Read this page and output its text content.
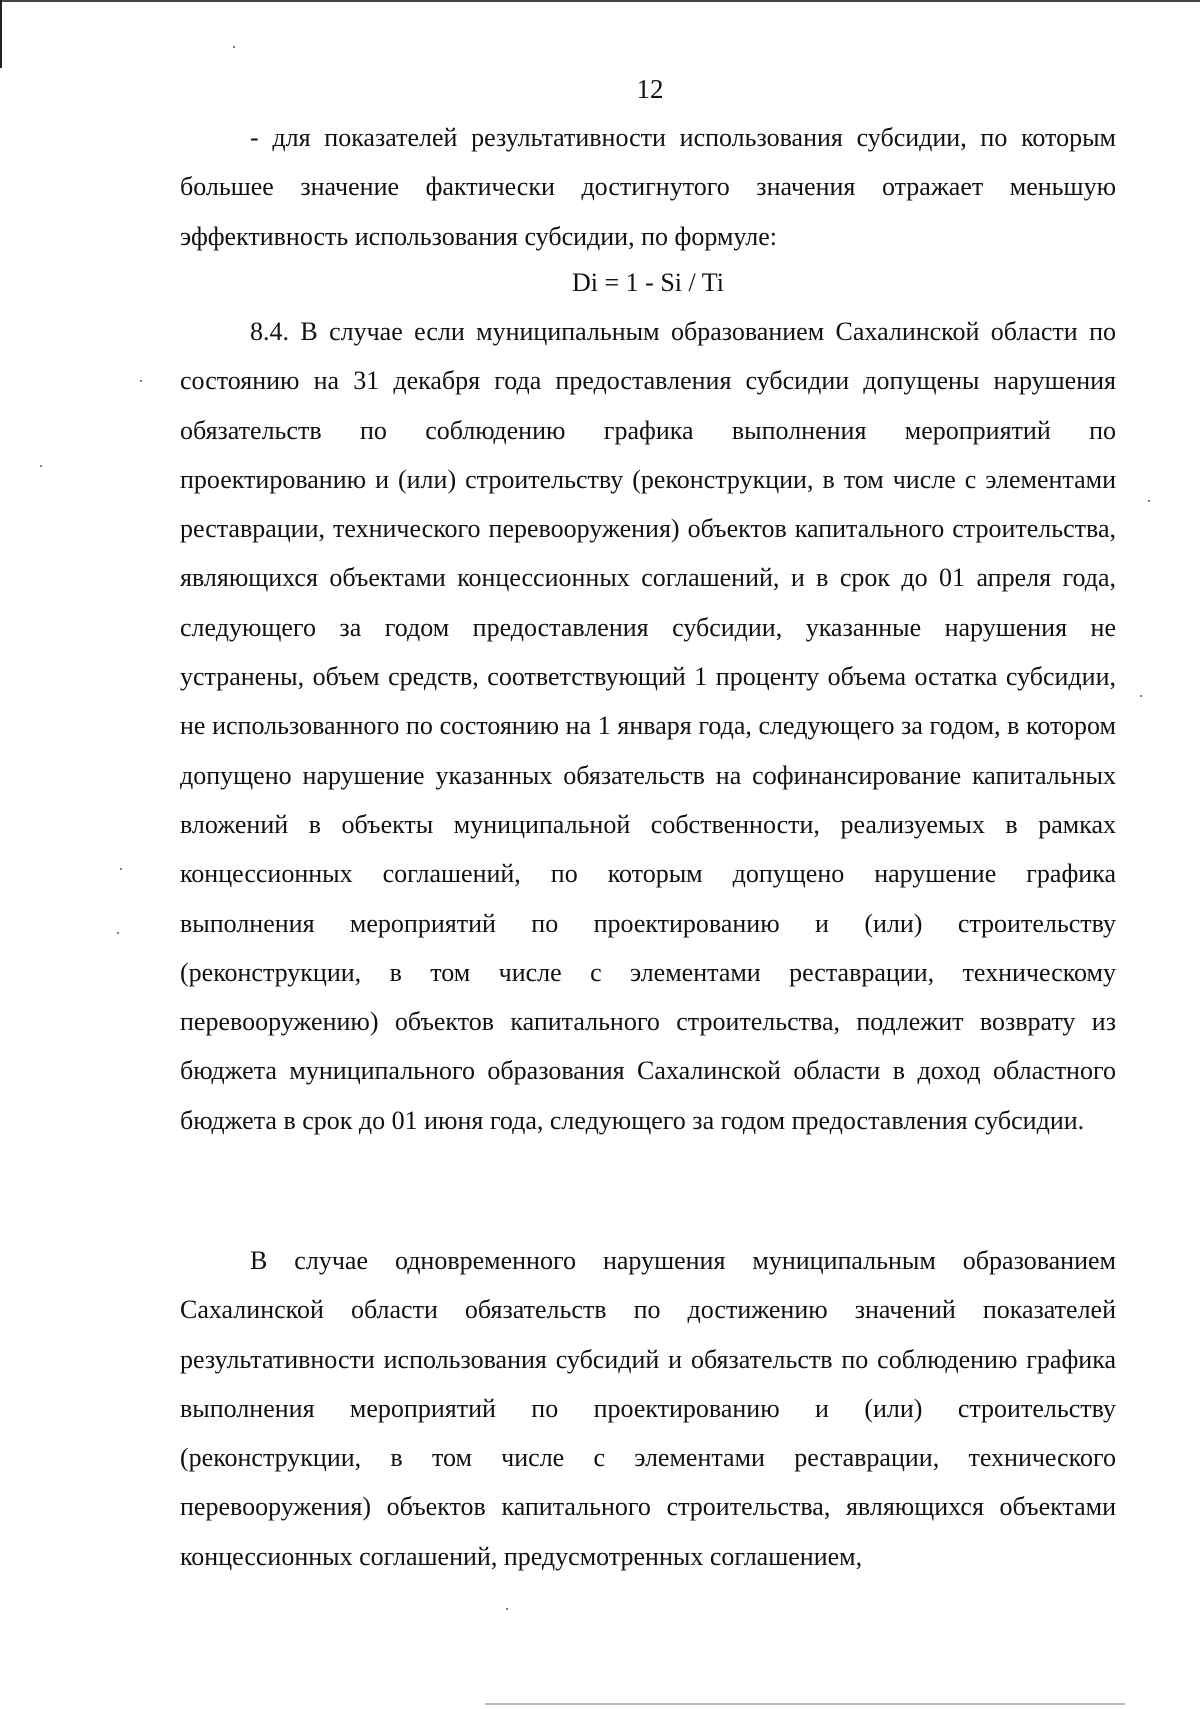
12

- для показателей результативности использования субсидии, по которым большее значение фактически достигнутого значения отражает меньшую эффективность использования субсидии, по формуле:

Di = 1 - Si / Ti

8.4. В случае если муниципальным образованием Сахалинской области по состоянию на 31 декабря года предоставления субсидии допущены нарушения обязательств по соблюдению графика выполнения мероприятий по проектированию и (или) строительству (реконструкции, в том числе с элементами реставрации, технического перевооружения) объектов капитального строительства, являющихся объектами концессионных соглашений, и в срок до 01 апреля года, следующего за годом предоставления субсидии, указанные нарушения не устранены, объем средств, соответствующий 1 проценту объема остатка субсидии, не использованного по состоянию на 1 января года, следующего за годом, в котором допущено нарушение указанных обязательств на софинансирование капитальных вложений в объекты муниципальной собственности, реализуемых в рамках концессионных соглашений, по которым допущено нарушение графика выполнения мероприятий по проектированию и (или) строительству (реконструкции, в том числе с элементами реставрации, техническому перевооружению) объектов капитального строительства, подлежит возврату из бюджета муниципального образования Сахалинской области в доход областного бюджета в срок до 01 июня года, следующего за годом предоставления субсидии.

В случае одновременного нарушения муниципальным образованием Сахалинской области обязательств по достижению значений показателей результативности использования субсидий и обязательств по соблюдению графика выполнения мероприятий по проектированию и (или) строительству (реконструкции, в том числе с элементами реставрации, технического перевооружения) объектов капитального строительства, являющихся объектами концессионных соглашений, предусмотренных соглашением,
